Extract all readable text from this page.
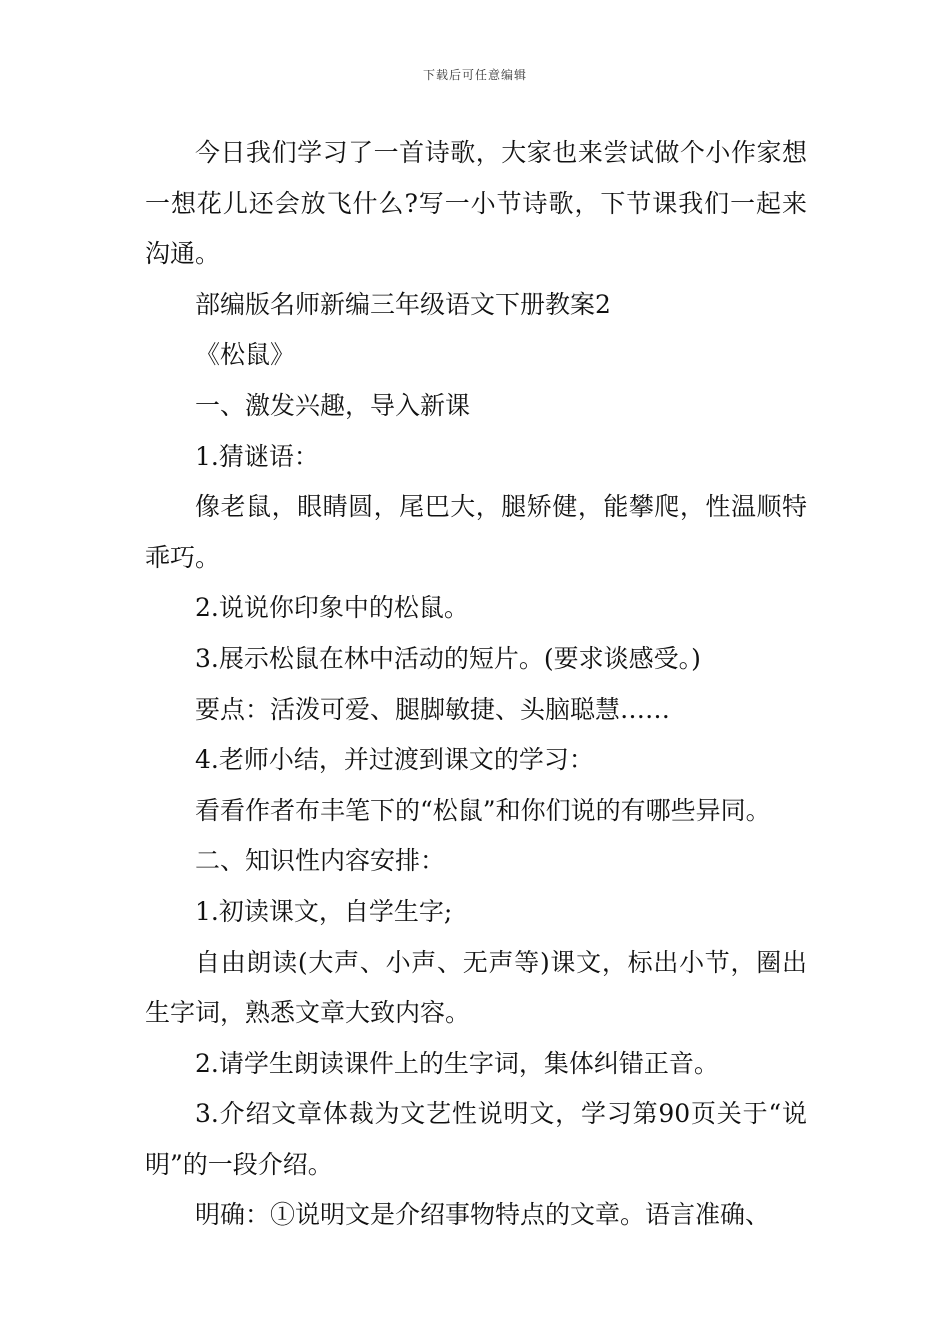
下载后可任意编辑

今日我们学习了一首诗歌，大家也来尝试做个小作家想一想花儿还会放飞什么?写一小节诗歌，下节课我们一起来沟通。

部编版名师新编三年级语文下册教案2

《松鼠》

一、激发兴趣，导入新课

1.猜谜语：

像老鼠，眼睛圆，尾巴大，腿矫健，能攀爬，性温顺特乖巧。

2.说说你印象中的松鼠。

3.展示松鼠在林中活动的短片。(要求谈感受。)

要点：活泼可爱、腿脚敏捷、头脑聪慧……

4.老师小结，并过渡到课文的学习：

看看作者布丰笔下的“松鼠”和你们说的有哪些异同。

二、知识性内容安排：

1.初读课文，自学生字;

自由朗读(大声、小声、无声等)课文，标出小节，圈出生字词，熟悉文章大致内容。

2.请学生朗读课件上的生字词，集体纠错正音。

3.介绍文章体裁为文艺性说明文，学习第90页关于“说明”的一段介绍。

明确：①说明文是介绍事物特点的文章。语言准确、
